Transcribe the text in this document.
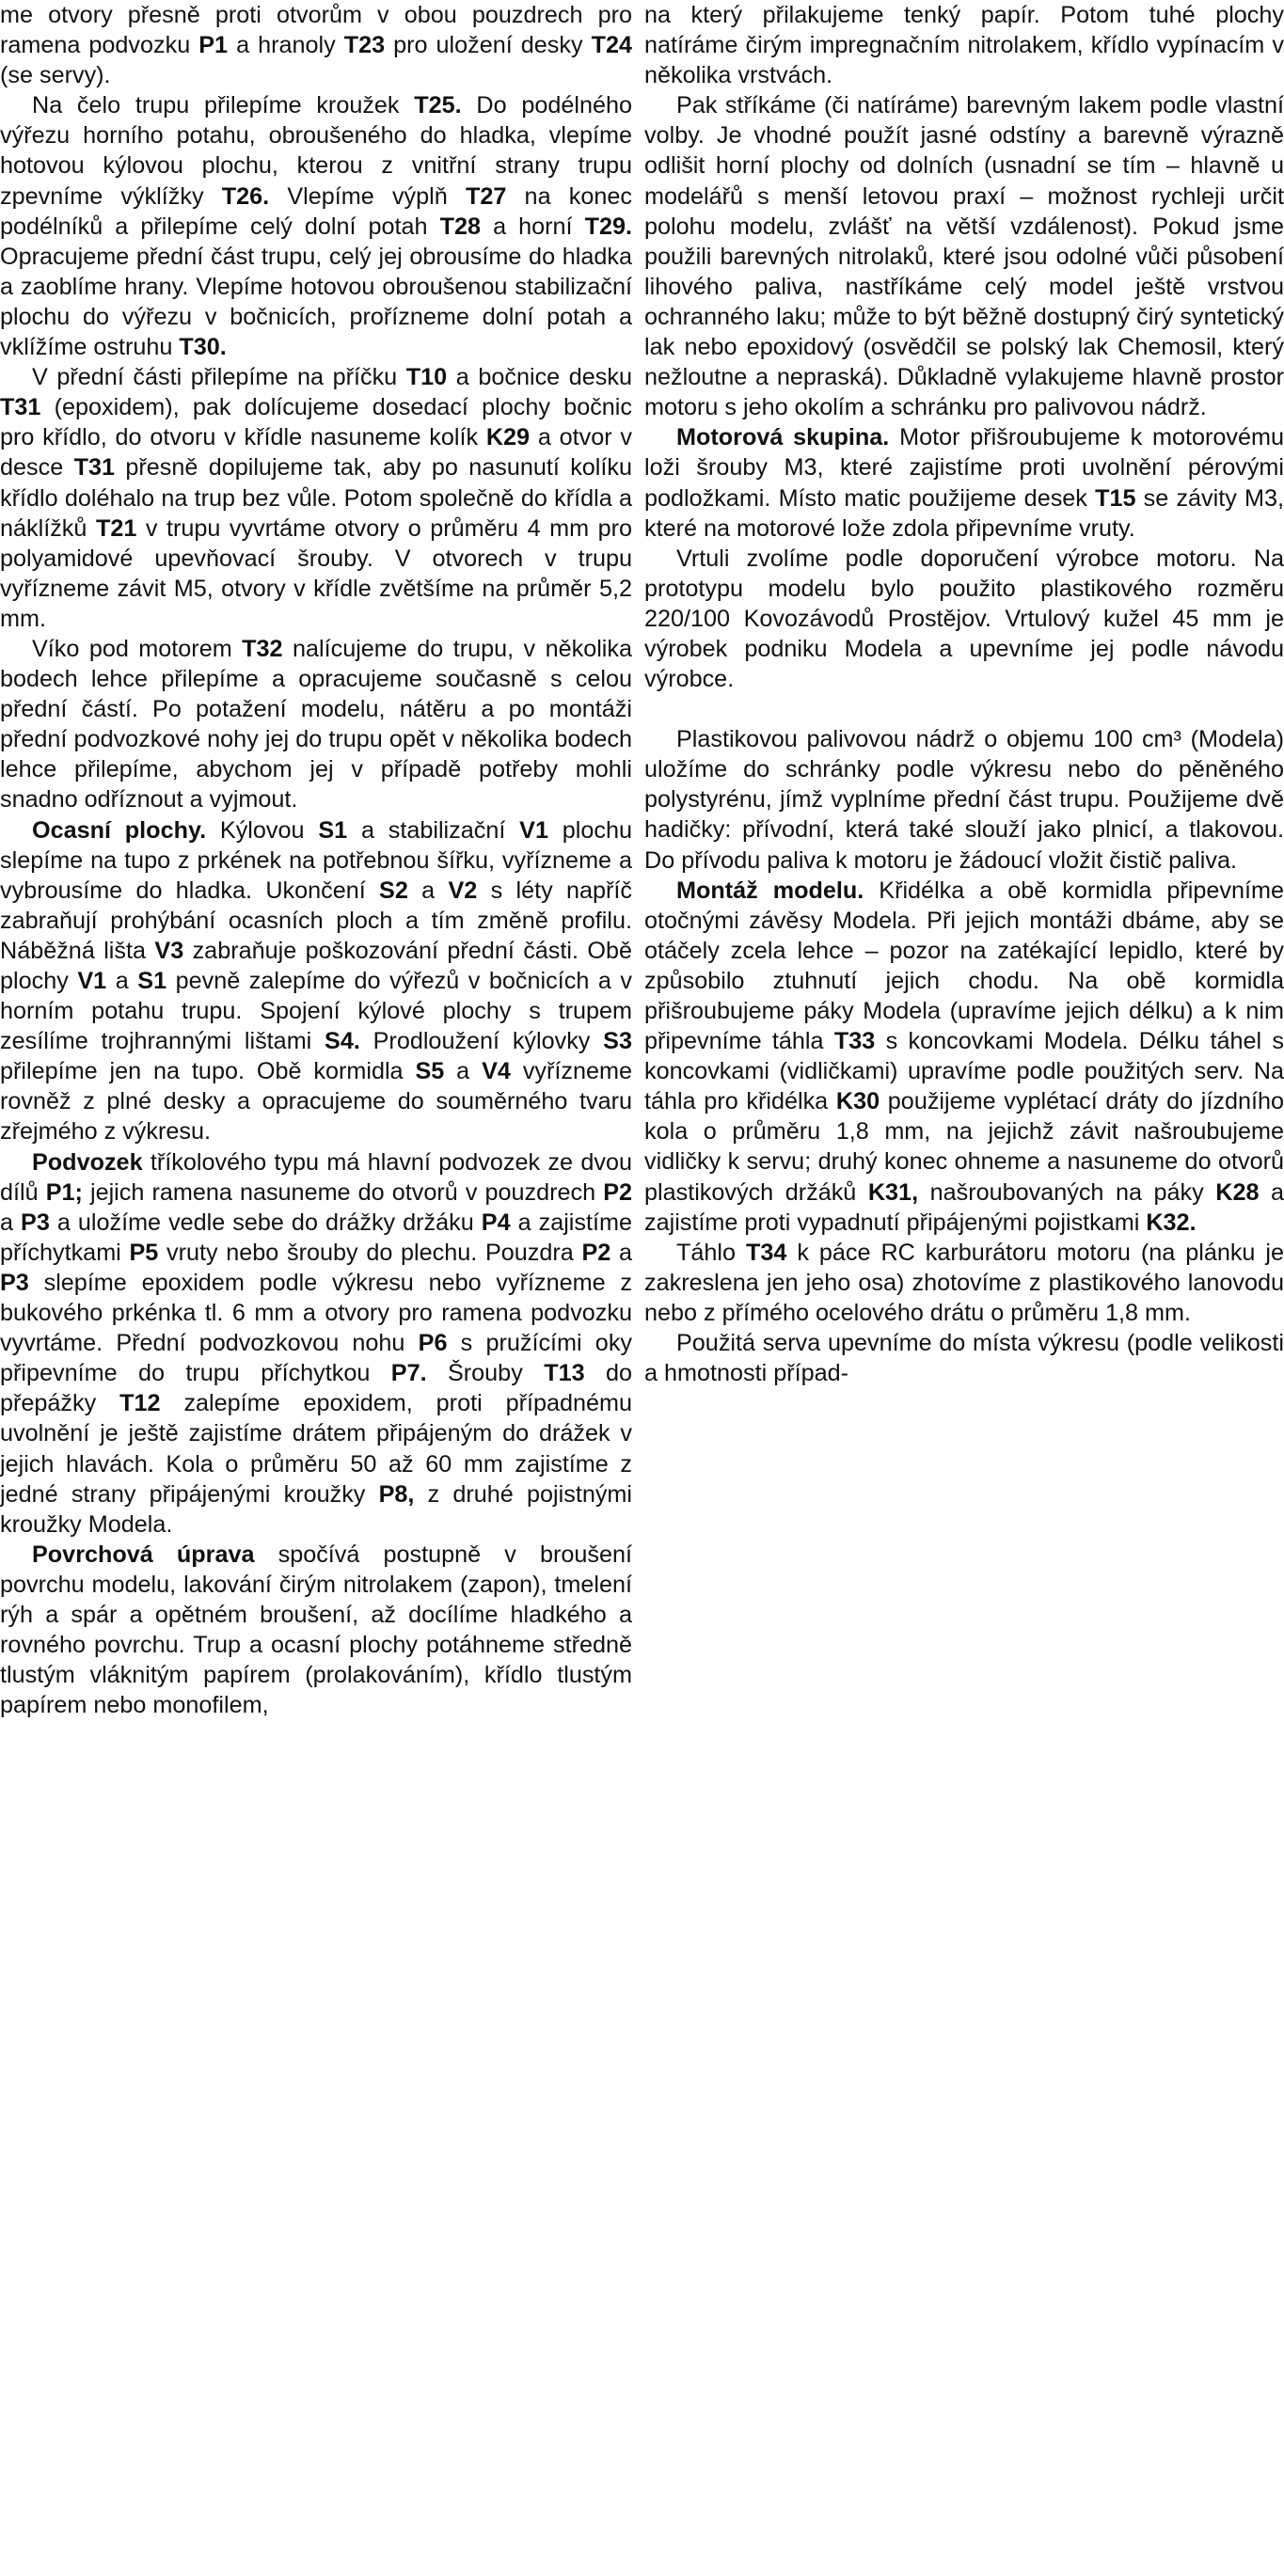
me otvory přesně proti otvorům v obou pouzdrech pro ramena podvozku P1 a hranoly T23 pro uložení desky T24 (se servy).

Na čelo trupu přilepíme kroužek T25. Do podélného výřezu horního potahu, obroušeného do hladka, vlepíme hotovou kýlovou plochu, kterou z vnitřní strany trupu zpevníme výklížky T26. Vlepíme výplň T27 na konec podélníků a přilepíme celý dolní potah T28 a horní T29. Opracujeme přední část trupu, celý jej obrousíme do hladka a zaoblíme hrany. Vlepíme hotovou obroušenou stabilizační plochu do výřezu v bočnicích, prořízneme dolní potah a vklížíme ostruhu T30.

V přední části přilepíme na příčku T10 a bočnice desku T31 (epoxidem), pak dolícujeme dosedací plochy bočnic pro křídlo, do otvoru v křídle nasuneme kolík K29 a otvor v desce T31 přesně dopilujeme tak, aby po nasunutí kolíku křídlo doléhalo na trup bez vůle. Potom společně do křídla a náklížků T21 v trupu vyvrtáme otvory o průměru 4 mm pro polyamidové upevňovací šrouby. V otvorech v trupu vyřízneme závit M5, otvory v křídle zvětšíme na průměr 5,2 mm.

Víko pod motorem T32 nalícujeme do trupu, v několika bodech lehce přilepíme a opracujeme současně s celou přední částí. Po potažení modelu, nátěru a po montáži přední podvozkové nohy jej do trupu opět v několika bodech lehce přilepíme, abychom jej v případě potřeby mohli snadno odříznout a vyjmout.

Ocasní plochy. Kýlovou S1 a stabilizační V1 plochu slepíme na tupo z prkének na potřebnou šířku, vyřízneme a vybrousíme do hladka. Ukončení S2 a V2 s léty napříč zabraňují prohýbání ocasních ploch a tím změně profilu. Náběžná lišta V3 zabraňuje poškozování přední části. Obě plochy V1 a S1 pevně zalepíme do výřezů v bočnicích a v horním potahu trupu. Spojení kýlové plochy s trupem zesílíme trojhrannými lištami S4. Prodloužení kýlovky S3 přilepíme jen na tupo. Obě kormidla S5 a V4 vyřízneme rovněž z plné desky a opracujeme do souměrného tvaru zřejmého z výkresu.

Podvozek tříkolového typu má hlavní podvozek ze dvou dílů P1; jejich ramena nasuneme do otvorů v pouzdrech P2 a P3 a uložíme vedle sebe do drážky držáku P4 a zajistíme příchytkami P5 vruty nebo šrouby do plechu. Pouzdra P2 a P3 slepíme epoxidem podle výkresu nebo vyřízneme z bukového prkénka tl. 6 mm a otvory pro ramena podvozku vyvrtáme. Přední podvozkovou nohu P6 s pružícími oky připevníme do trupu příchytkou P7. Šrouby T13 do přepážky T12 zalepíme epoxidem, proti případnému uvolnění je ještě zajistíme drátem připájeným do drážek v jejich hlavách. Kola o průměru 50 až 60 mm zajistíme z jedné strany připájenými kroužky P8, z druhé pojistnými kroužky Modela.

Povrchová úprava spočívá postupně v broušení povrchu modelu, lakování čirým nitrolakem (zapon), tmelení rýh a spár a opětném broušení, až docílíme hladkého a rovného povrchu. Trup a ocasní plochy potáhneme středně tlustým vláknitým papírem (prolakováním), křídlo tlustým papírem nebo monofilem,

na který přilakujeme tenký papír. Potom tuhé plochy natíráme čirým impregnačním nitrolakem, křídlo vypínacím v několika vrstvách.

Pak stříkáme (či natíráme) barevným lakem podle vlastní volby. Je vhodné použít jasné odstíny a barevně výrazně odlišit horní plochy od dolních (usnadní se tím – hlavně u modelářů s menší letovou praxí – možnost rychleji určit polohu modelu, zvlášť na větší vzdálenost). Pokud jsme použili barevných nitrolaků, které jsou odolné vůči působení lihového paliva, nastříkáme celý model ještě vrstvou ochranného laku; může to být běžně dostupný čirý syntetický lak nebo epoxidový (osvědčil se polský lak Chemosil, který nežloutne a nepraská). Důkladně vylakujeme hlavně prostor motoru s jeho okolím a schránku pro palivovou nádrž.

Motorová skupina. Motor přišroubujeme k motorovému loži šrouby M3, které zajistíme proti uvolnění pérovými podložkami. Místo matic použijeme desek T15 se závity M3, které na motorové lože zdola připevníme vruty.

Vrtuli zvolíme podle doporučení výrobce motoru. Na prototypu modelu bylo použito plastikového rozměru 220/100 Kovozávodů Prostějov. Vrtulový kužel 45 mm je výrobek podniku Modela a upevníme jej podle návodu výrobce.

Plastikovou palivovou nádrž o objemu 100 cm³ (Modela) uložíme do schránky podle výkresu nebo do pěněného polystyrénu, jímž vyplníme přední část trupu. Použijeme dvě hadičky: přívodní, která také slouží jako plnicí, a tlakovou. Do přívodu paliva k motoru je žádoucí vložit čistič paliva.

Montáž modelu. Křidélka a obě kormidla připevníme otočnými závěsy Modela. Při jejich montáži dbáme, aby se otáčely zcela lehce – pozor na zatékající lepidlo, které by způsobilo ztuhnutí jejich chodu. Na obě kormidla přišroubujeme páky Modela (upravíme jejich délku) a k nim připevníme táhla T33 s koncovkami Modela. Délku táhel s koncovkami (vidličkami) upravíme podle použitých serv. Na táhla pro křidélka K30 použijeme vyplétací dráty do jízdního kola o průměru 1,8 mm, na jejichž závit našroubujeme vidličky k servu; druhý konec ohneme a nasuneme do otvorů plastikových držáků K31, našroubovaných na páky K28 a zajistíme proti vypadnutí připájenými pojistkami K32.

Táhlo T34 k páce RC karburátoru motoru (na plánku je zakreslena jen jeho osa) zhotovíme z plastikového lanovodu nebo z přímého ocelového drátu o průměru 1,8 mm.

Použitá serva upevníme do místa výkresu (podle velikosti a hmotnosti případ-
